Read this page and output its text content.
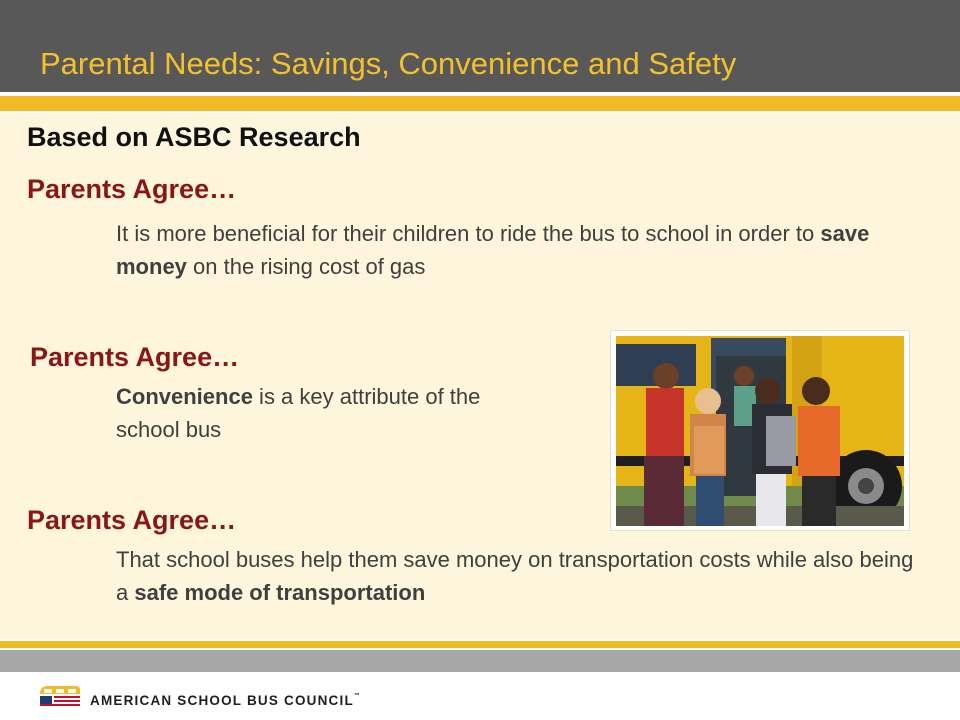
Parental Needs: Savings, Convenience and Safety
Based on ASBC Research
Parents Agree…
It is more beneficial for their children to ride the bus to school in order to save money on the rising cost of gas
Parents Agree…
Convenience is a key attribute of the school bus
Parents Agree…
That school buses help them save money on transportation costs while also being a safe mode of transportation
AMERICAN SCHOOL BUS COUNCIL™
